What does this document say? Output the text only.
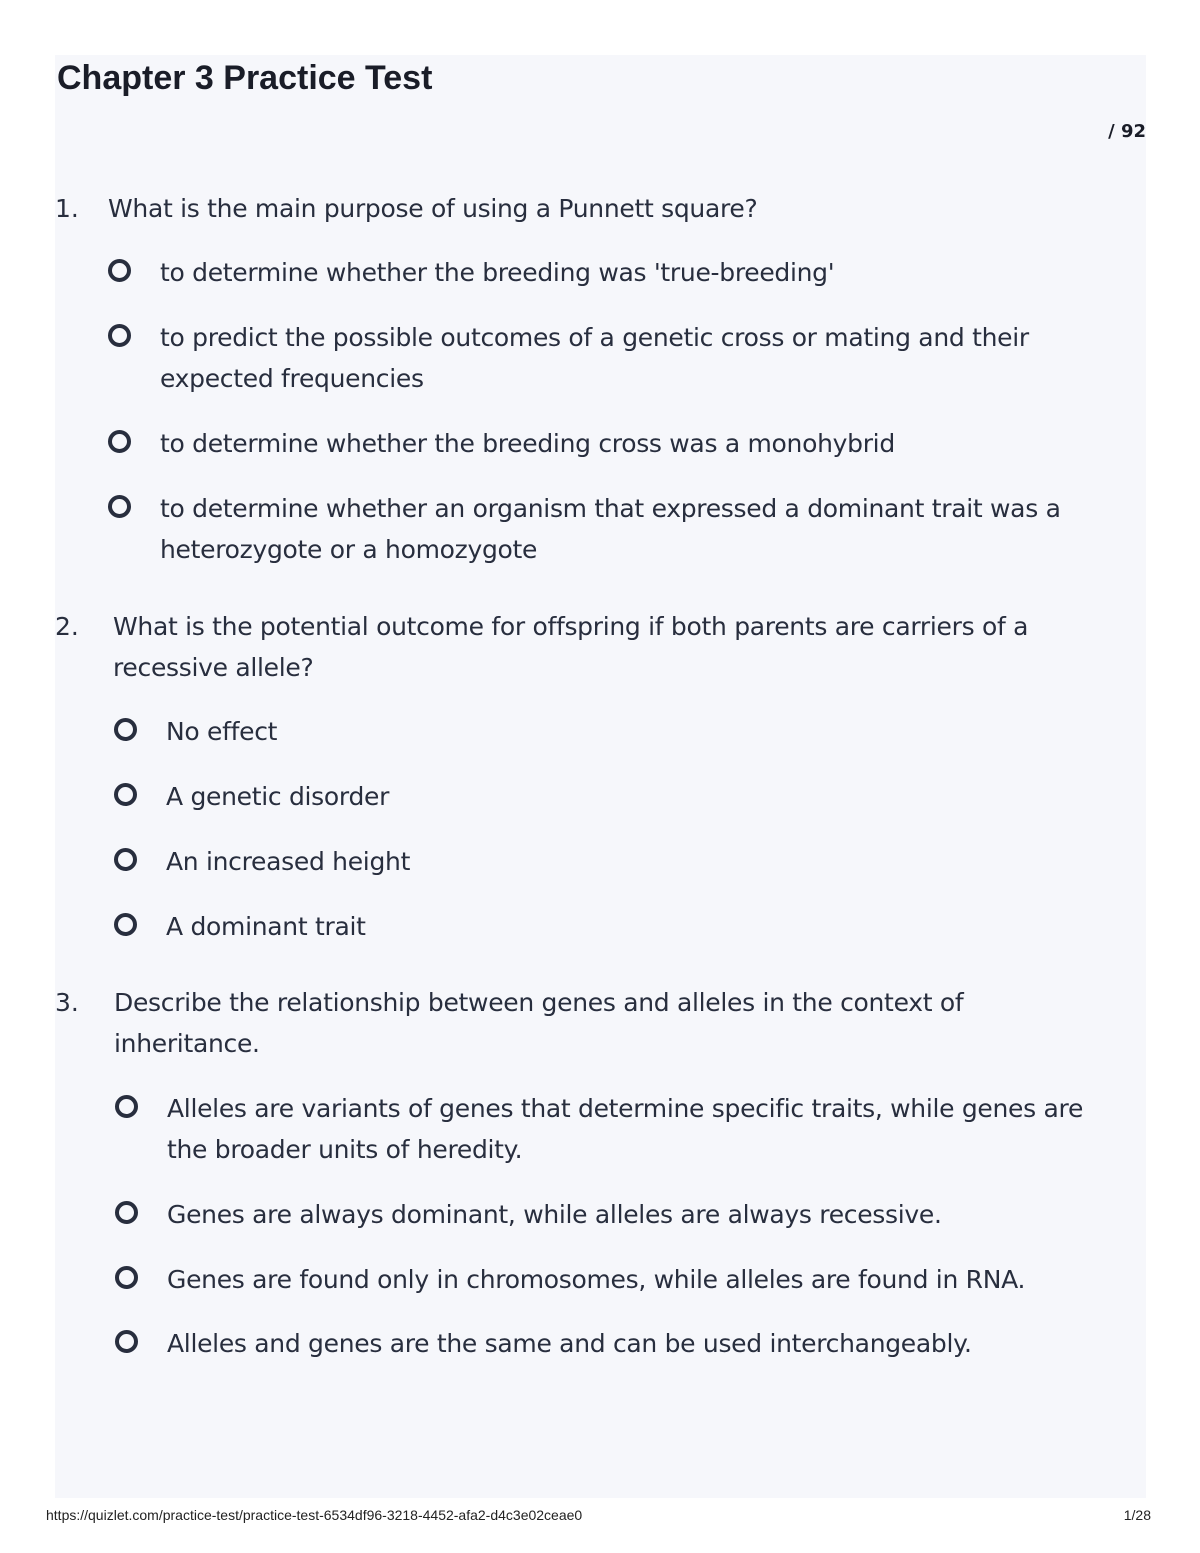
Chapter 3 Practice Test
/ 92
1. What is the main purpose of using a Punnett square?
to determine whether the breeding was 'true-breeding'
to predict the possible outcomes of a genetic cross or mating and their expected frequencies
to determine whether the breeding cross was a monohybrid
to determine whether an organism that expressed a dominant trait was a heterozygote or a homozygote
2. What is the potential outcome for offspring if both parents are carriers of a recessive allele?
No effect
A genetic disorder
An increased height
A dominant trait
3. Describe the relationship between genes and alleles in the context of inheritance.
Alleles are variants of genes that determine specific traits, while genes are the broader units of heredity.
Genes are always dominant, while alleles are always recessive.
Genes are found only in chromosomes, while alleles are found in RNA.
Alleles and genes are the same and can be used interchangeably.
https://quizlet.com/practice-test/practice-test-6534df96-3218-4452-afa2-d4c3e02ceae0	1/28
